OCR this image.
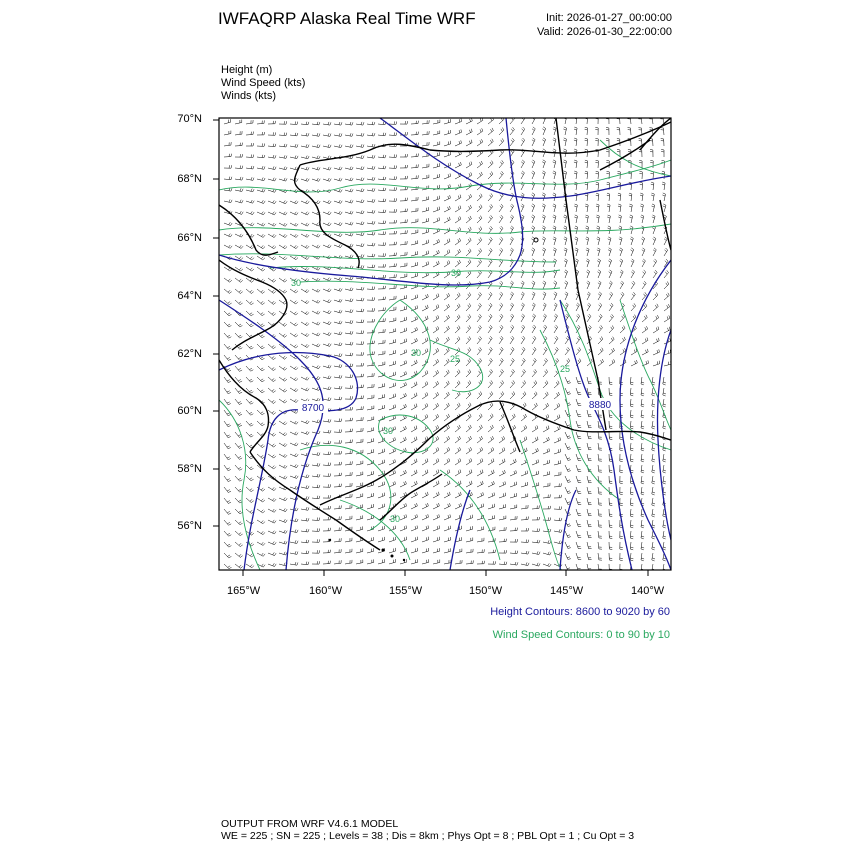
IWFAQRP Alaska Real Time WRF	Init: 2026-01-27_00:00:00
Valid: 2026-01-30_22:00:00
Height (m)
Wind Speed (kts)
Winds (kts)
8700	8880
30
25
30
30
30
25
30
70°N
68°N
66°N
64°N
62°N
60°N
58°N
56°N
165°W	160°W	155°W	150°W	145°W	140°W
Height Contours: 8600 to 9020 by 60
Wind Speed Contours: 0 to 90 by 10
OUTPUT FROM WRF V4.6.1 MODEL
WE = 225 ; SN = 225 ; Levels = 38 ; Dis = 8km ; Phys Opt = 8 ; PBL Opt = 1 ; Cu Opt = 3
